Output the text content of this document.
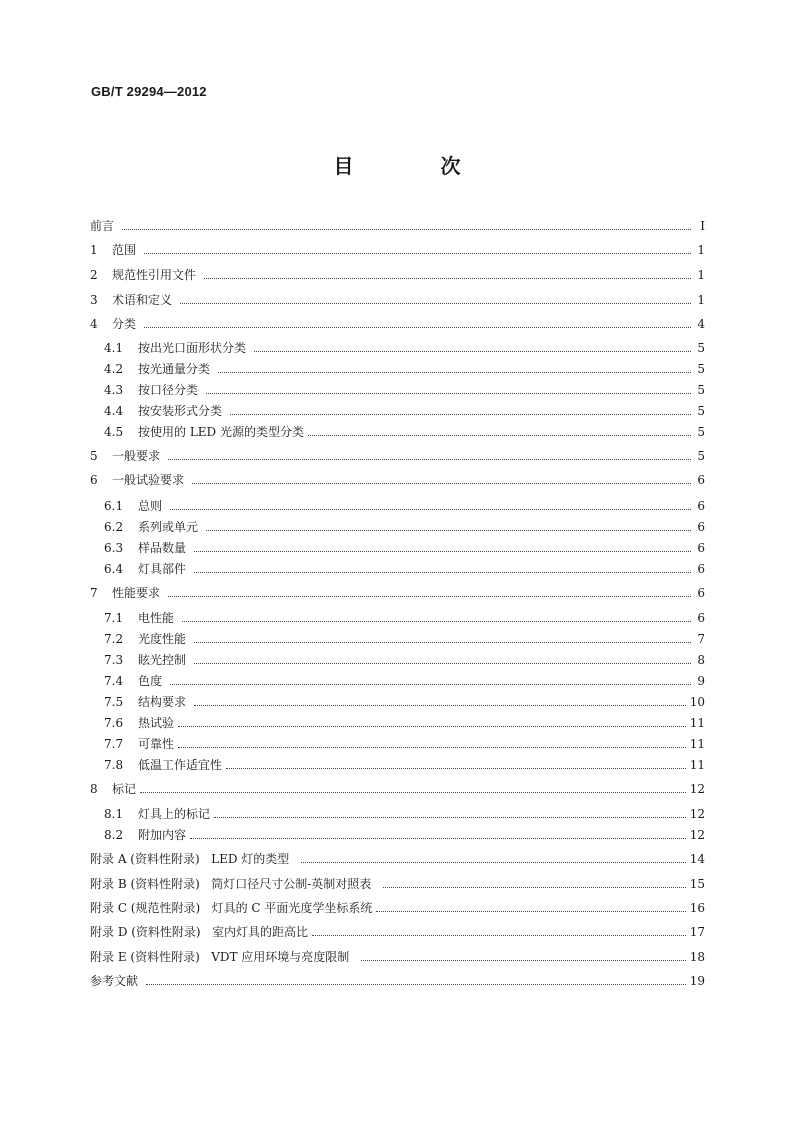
GB/T 29294—2012
目 次
前言	Ⅰ
1	范围	1
2	规范性引用文件	1
3	术语和定义	1
4	分类	4
4.1	按出光口面形状分类	5
4.2	按光通量分类	5
4.3	按口径分类	5
4.4	按安装形式分类	5
4.5	按使用的 LED 光源的类型分类	5
5	一般要求	5
6	一般试验要求	6
6.1	总则	6
6.2	系列或单元	6
6.3	样品数量	6
6.4	灯具部件	6
7	性能要求	6
7.1	电性能	6
7.2	光度性能	7
7.3	眩光控制	8
7.4	色度	9
7.5	结构要求	10
7.6	热试验	11
7.7	可靠性	11
7.8	低温工作适宜性	11
8	标记	12
8.1	灯具上的标记	12
8.2	附加内容	12
附录 A (资料性附录)   LED 灯的类型	14
附录 B (资料性附录)   筒灯口径尺寸公制-英制对照表	15
附录 C (规范性附录)   灯具的 C 平面光度学坐标系统	16
附录 D (资料性附录)   室内灯具的距高比	17
附录 E (资料性附录)   VDT 应用环境与亮度限制	18
参考文献	19
